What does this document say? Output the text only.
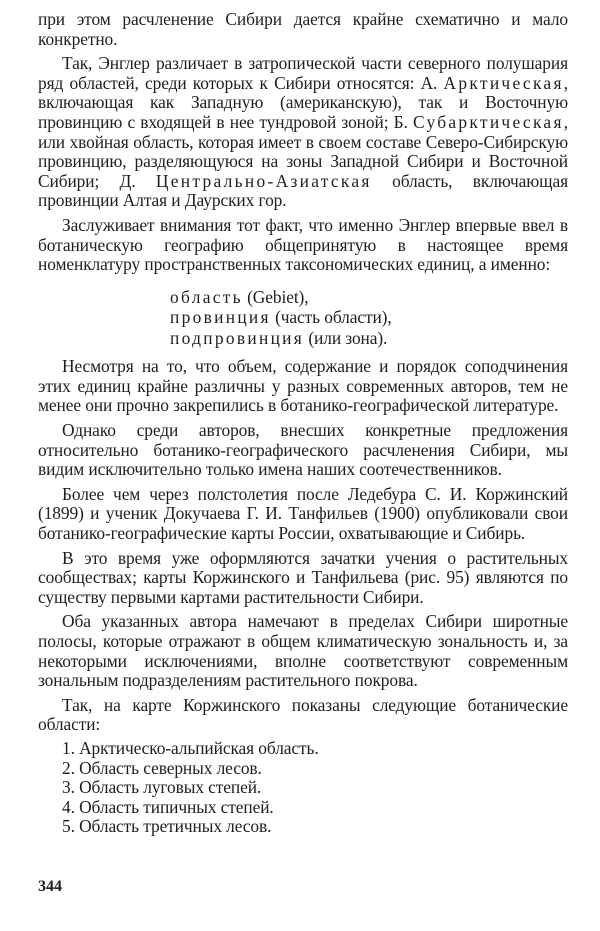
при этом расчленение Сибири дается крайне схематично и мало конкретно.

Так, Энглер различает в затропической части северного полушария ряд областей, среди которых к Сибири относятся: А. Арктическая, включающая как Западную (американскую), так и Восточную провинцию с входящей в нее тундровой зоной; Б. Субарктическая, или хвойная область, которая имеет в своем составе Северо-Сибирскую провинцию, разделяющуюся на зоны Западной Сибири и Восточной Сибири; Д. Центрально-Азиатская область, включающая провинции Алтая и Даурских гор.

Заслуживает внимания тот факт, что именно Энглер впервые ввел в ботаническую географию общепринятую в настоящее время номенклатуру пространственных таксономических единиц, а именно:

область (Gebiet),
провинция (часть области),
подпровинция (или зона).

Несмотря на то, что объем, содержание и порядок соподчинения этих единиц крайне различны у разных современных авторов, тем не менее они прочно закрепились в ботанико-географической литературе.

Однако среди авторов, внесших конкретные предложения относительно ботанико-географического расчленения Сибири, мы видим исключительно только имена наших соотечественников.

Более чем через полстолетия после Ледебура С. И. Коржинский (1899) и ученик Докучаева Г. И. Танфильев (1900) опубликовали свои ботанико-географические карты России, охватывающие и Сибирь.

В это время уже оформляются зачатки учения о растительных сообществах; карты Коржинского и Танфильева (рис. 95) являются по существу первыми картами растительности Сибири.

Оба указанных автора намечают в пределах Сибири широтные полосы, которые отражают в общем климатическую зональность и, за некоторыми исключениями, вполне соответствуют современным зональным подразделениям растительного покрова.

Так, на карте Коржинского показаны следующие ботанические области:

1. Арктическо-альпийская область.
2. Область северных лесов.
3. Область луговых степей.
4. Область типичных степей.
5. Область третичных лесов.
344
